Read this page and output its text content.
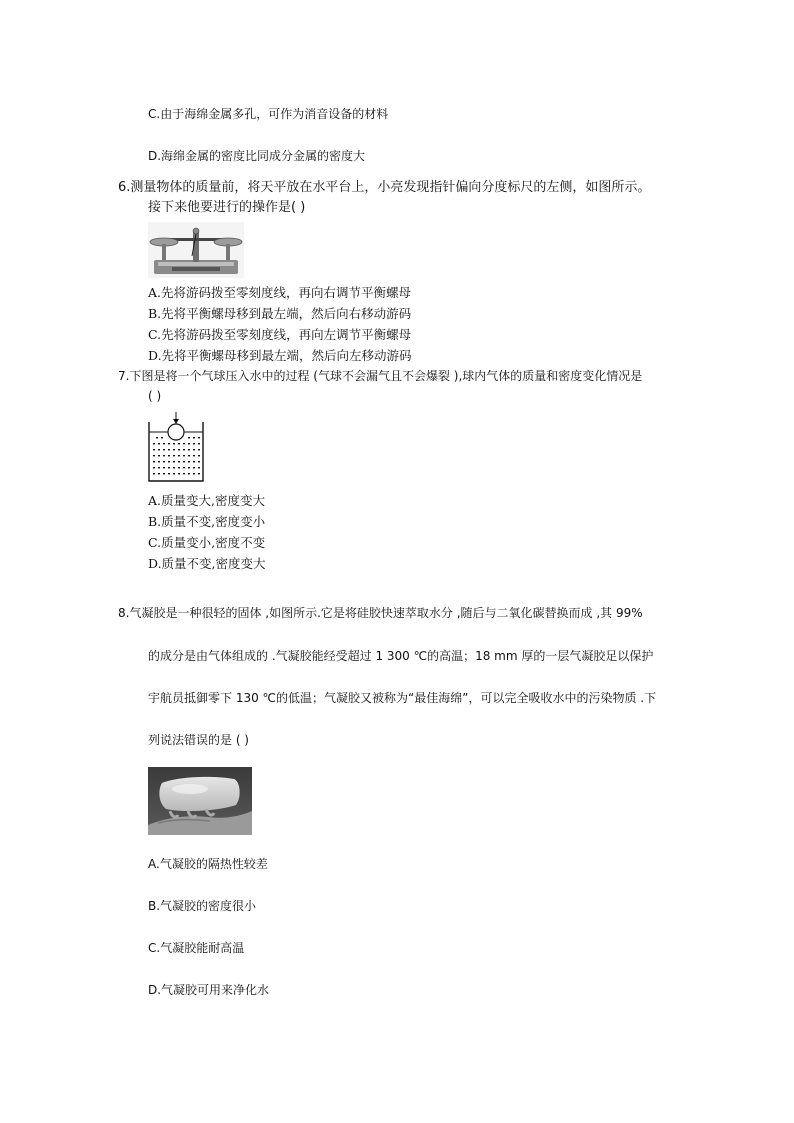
C.由于海绵金属多孔，可作为消音设备的材料
D.海绵金属的密度比同成分金属的密度大
6.测量物体的质量前，将天平放在水平台上，小亮发现指针偏向分度标尺的左侧，如图所示。
接下来他要进行的操作是( )
A.先将游码拨至零刻度线，再向右调节平衡螺母
B.先将平衡螺母移到最左端，然后向右移动游码
C.先将游码拨至零刻度线，再向左调节平衡螺母
D.先将平衡螺母移到最左端，然后向左移动游码
7.下图是将一个气球压入水中的过程 (气球不会漏气且不会爆裂 ),球内气体的质量和密度变化情况是
( )
A.质量变大,密度变大
B.质量不变,密度变小
C.质量变小,密度不变
D.质量不变,密度变大
8.气凝胶是一种很轻的固体 ,如图所示.它是将硅胶快速萃取水分 ,随后与二氧化碳替换而成 ,其 99%
的成分是由气体组成的 .气凝胶能经受超过 1 300 ℃的高温；18 mm 厚的一层气凝胶足以保护
宇航员抵御零下 130 ℃的低温；气凝胶又被称为“最佳海绵”，可以完全吸收水中的污染物质 .下
列说法错误的是 ( )
A.气凝胶的隔热性较差
B.气凝胶的密度很小
C.气凝胶能耐高温
D.气凝胶可用来净化水
